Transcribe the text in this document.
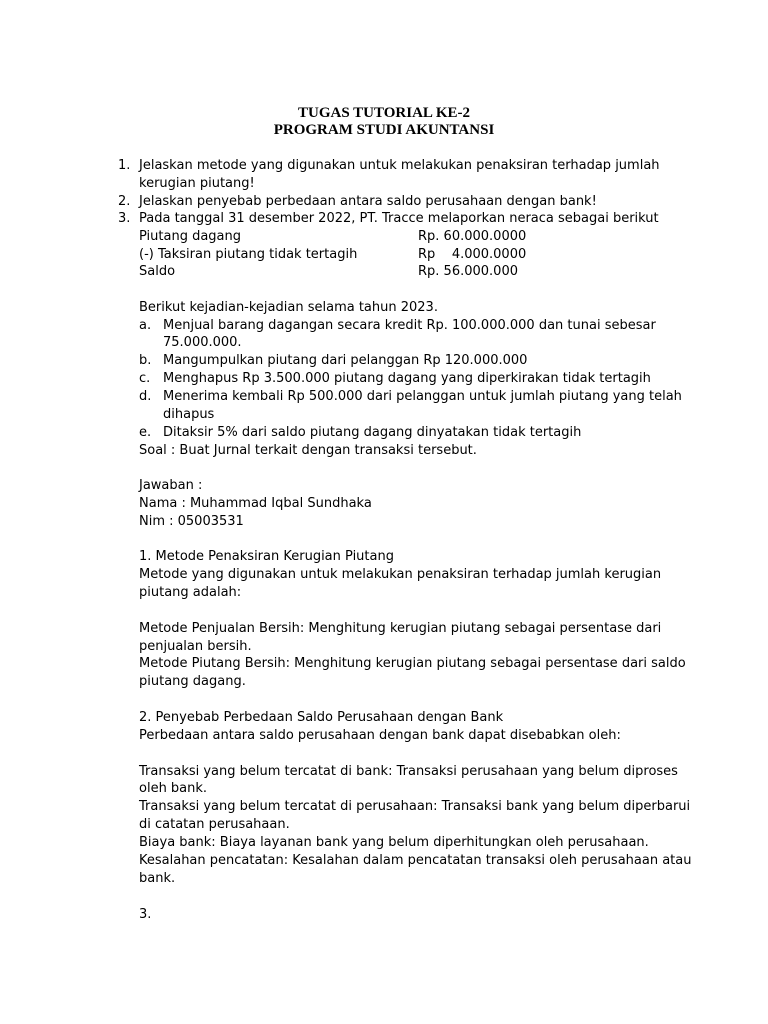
TUGAS TUTORIAL KE-2
PROGRAM STUDI AKUNTANSI
1. Jelaskan metode yang digunakan untuk melakukan penaksiran terhadap jumlah
kerugian piutang!
2. Jelaskan penyebab perbedaan antara saldo perusahaan dengan bank!
3. Pada tanggal 31 desember 2022, PT. Tracce melaporkan neraca sebagai berikut
Piutang dagang	Rp. 60.000.0000
(-) Taksiran piutang tidak tertagih	Rp    4.000.0000
Saldo	Rp. 56.000.000
Berikut kejadian-kejadian selama tahun 2023.
a. Menjual barang dagangan secara kredit Rp. 100.000.000 dan tunai sebesar
75.000.000.
b. Mangumpulkan piutang dari pelanggan Rp 120.000.000
c. Menghapus Rp 3.500.000 piutang dagang yang diperkirakan tidak tertagih
d. Menerima kembali Rp 500.000 dari pelanggan untuk jumlah piutang yang telah
dihapus
e. Ditaksir 5% dari saldo piutang dagang dinyatakan tidak tertagih
Soal : Buat Jurnal terkait dengan transaksi tersebut.
Jawaban :
Nama : Muhammad Iqbal Sundhaka
Nim : 05003531
1. Metode Penaksiran Kerugian Piutang
Metode yang digunakan untuk melakukan penaksiran terhadap jumlah kerugian
piutang adalah:
Metode Penjualan Bersih: Menghitung kerugian piutang sebagai persentase dari
penjualan bersih.
Metode Piutang Bersih: Menghitung kerugian piutang sebagai persentase dari saldo
piutang dagang.
2. Penyebab Perbedaan Saldo Perusahaan dengan Bank
Perbedaan antara saldo perusahaan dengan bank dapat disebabkan oleh:
Transaksi yang belum tercatat di bank: Transaksi perusahaan yang belum diproses
oleh bank.
Transaksi yang belum tercatat di perusahaan: Transaksi bank yang belum diperbarui
di catatan perusahaan.
Biaya bank: Biaya layanan bank yang belum diperhitungkan oleh perusahaan.
Kesalahan pencatatan: Kesalahan dalam pencatatan transaksi oleh perusahaan atau
bank.
3.
